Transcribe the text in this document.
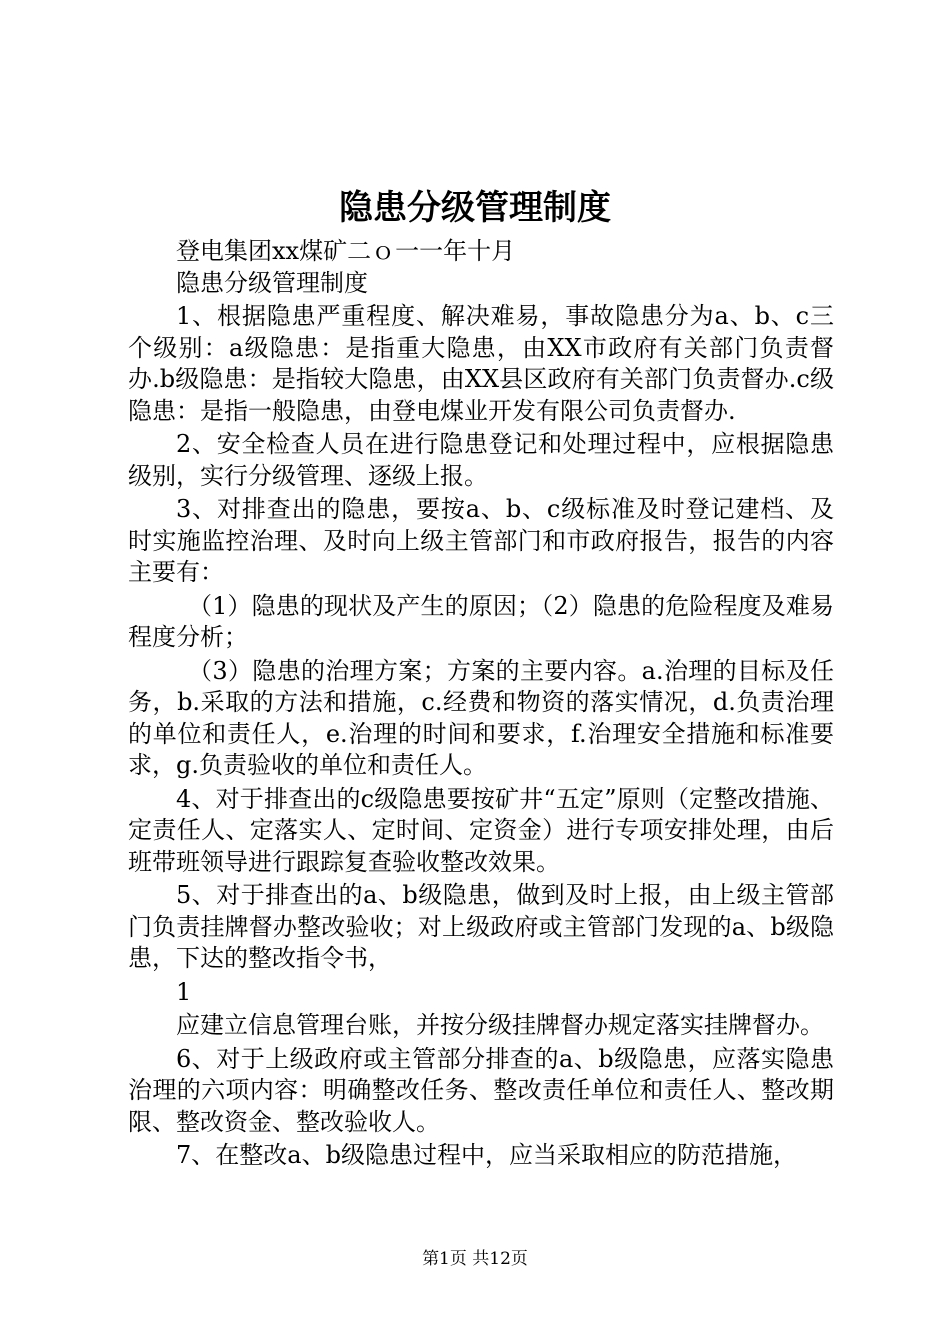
隐患分级管理制度

登电集团xx煤矿二ｏ一一年十月

隐患分级管理制度

1、根据隐患严重程度、解决难易，事故隐患分为a、b、c三个级别：a级隐患：是指重大隐患，由XX市政府有关部门负责督办.b级隐患：是指较大隐患，由XX县区政府有关部门负责督办.c级隐患：是指一般隐患，由登电煤业开发有限公司负责督办.

2、安全检查人员在进行隐患登记和处理过程中，应根据隐患级别，实行分级管理、逐级上报。

3、对排查出的隐患，要按a、b、c级标准及时登记建档、及时实施监控治理、及时向上级主管部门和市政府报告，报告的内容主要有：

（1）隐患的现状及产生的原因；（2）隐患的危险程度及难易程度分析；

（3）隐患的治理方案；方案的主要内容。a.治理的目标及任务，b.采取的方法和措施，c.经费和物资的落实情况，d.负责治理的单位和责任人，e.治理的时间和要求，f.治理安全措施和标准要求，g.负责验收的单位和责任人。

4、对于排查出的c级隐患要按矿井“五定”原则（定整改措施、定责任人、定落实人、定时间、定资金）进行专项安排处理，由后班带班领导进行跟踪复查验收整改效果。

5、对于排查出的a、b级隐患，做到及时上报，由上级主管部门负责挂牌督办整改验收；对上级政府或主管部门发现的a、b级隐患，下达的整改指令书，

1

应建立信息管理台账，并按分级挂牌督办规定落实挂牌督办。

6、对于上级政府或主管部分排查的a、b级隐患，应落实隐患治理的六项内容：明确整改任务、整改责任单位和责任人、整改期限、整改资金、整改验收人。

7、在整改a、b级隐患过程中，应当采取相应的防范措施，

第1页 共12页
